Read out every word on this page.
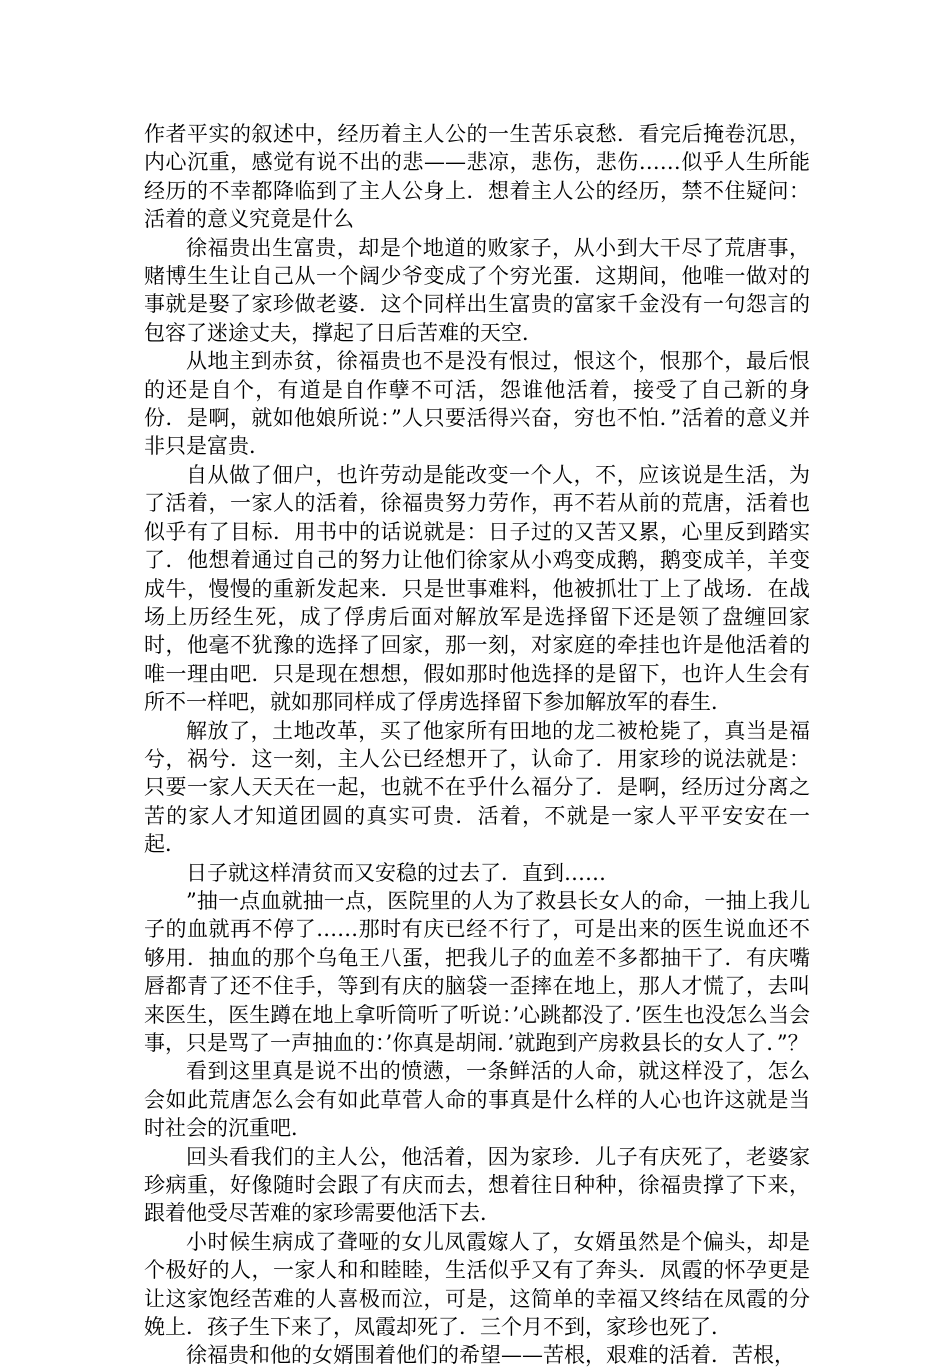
作者平实的叙述中，经历着主人公的一生苦乐哀愁．看完后掩卷沉思，内心沉重，感觉有说不出的悲——悲凉，悲伤，悲伤……似乎人生所能经历的不幸都降临到了主人公身上．想着主人公的经历，禁不住疑问：活着的意义究竟是什么

徐福贵出生富贵，却是个地道的败家子，从小到大干尽了荒唐事，赌博生生让自己从一个阔少爷变成了个穷光蛋．这期间，他唯一做对的事就是娶了家珍做老婆．这个同样出生富贵的富家千金没有一句怨言的包容了迷途丈夫，撑起了日后苦难的天空．

从地主到赤贫，徐福贵也不是没有恨过，恨这个，恨那个，最后恨的还是自个，有道是自作孽不可活，怨谁他活着，接受了自己新的身份．是啊，就如他娘所说：”人只要活得兴奋，穷也不怕．”活着的意义并非只是富贵．

自从做了佃户，也许劳动是能改变一个人，不，应该说是生活，为了活着，一家人的活着，徐福贵努力劳作，再不若从前的荒唐，活着也似乎有了目标．用书中的话说就是：日子过的又苦又累，心里反到踏实了．他想着通过自己的努力让他们徐家从小鸡变成鹅，鹅变成羊，羊变成牛，慢慢的重新发起来．只是世事难料，他被抓壮丁上了战场．在战场上历经生死，成了俘虏后面对解放军是选择留下还是领了盘缠回家时，他毫不犹豫的选择了回家，那一刻，对家庭的牵挂也许是他活着的唯一理由吧．只是现在想想，假如那时他选择的是留下，也许人生会有所不一样吧，就如那同样成了俘虏选择留下参加解放军的春生．

解放了，土地改革，买了他家所有田地的龙二被枪毙了，真当是福兮，祸兮．这一刻，主人公已经想开了，认命了．用家珍的说法就是：只要一家人天天在一起，也就不在乎什么福分了．是啊，经历过分离之苦的家人才知道团圆的真实可贵．活着，不就是一家人平平安安在一起．

日子就这样清贫而又安稳的过去了．直到……

”抽一点血就抽一点，医院里的人为了救县长女人的命，一抽上我儿子的血就再不停了……那时有庆已经不行了，可是出来的医生说血还不够用．抽血的那个乌龟王八蛋，把我儿子的血差不多都抽干了．有庆嘴唇都青了还不住手，等到有庆的脑袋一歪摔在地上，那人才慌了，去叫来医生，医生蹲在地上拿听筒听了听说：’心跳都没了．’医生也没怎么当会事，只是骂了一声抽血的：’你真是胡闹．’就跑到产房救县长的女人了．”？

看到这里真是说不出的愤懑，一条鲜活的人命，就这样没了，怎么会如此荒唐怎么会有如此草菅人命的事真是什么样的人心也许这就是当时社会的沉重吧．

回头看我们的主人公，他活着，因为家珍．儿子有庆死了，老婆家珍病重，好像随时会跟了有庆而去，想着往日种种，徐福贵撑了下来，跟着他受尽苦难的家珍需要他活下去．

小时候生病成了聋哑的女儿凤霞嫁人了，女婿虽然是个偏头，却是个极好的人，一家人和和睦睦，生活似乎又有了奔头．凤霞的怀孕更是让这家饱经苦难的人喜极而泣，可是，这简单的幸福又终结在凤霞的分娩上．孩子生下来了，凤霞却死了．三个月不到，家珍也死了．

徐福贵和他的女婿围着他们的希望——苦根，艰难的活着．苦根，
